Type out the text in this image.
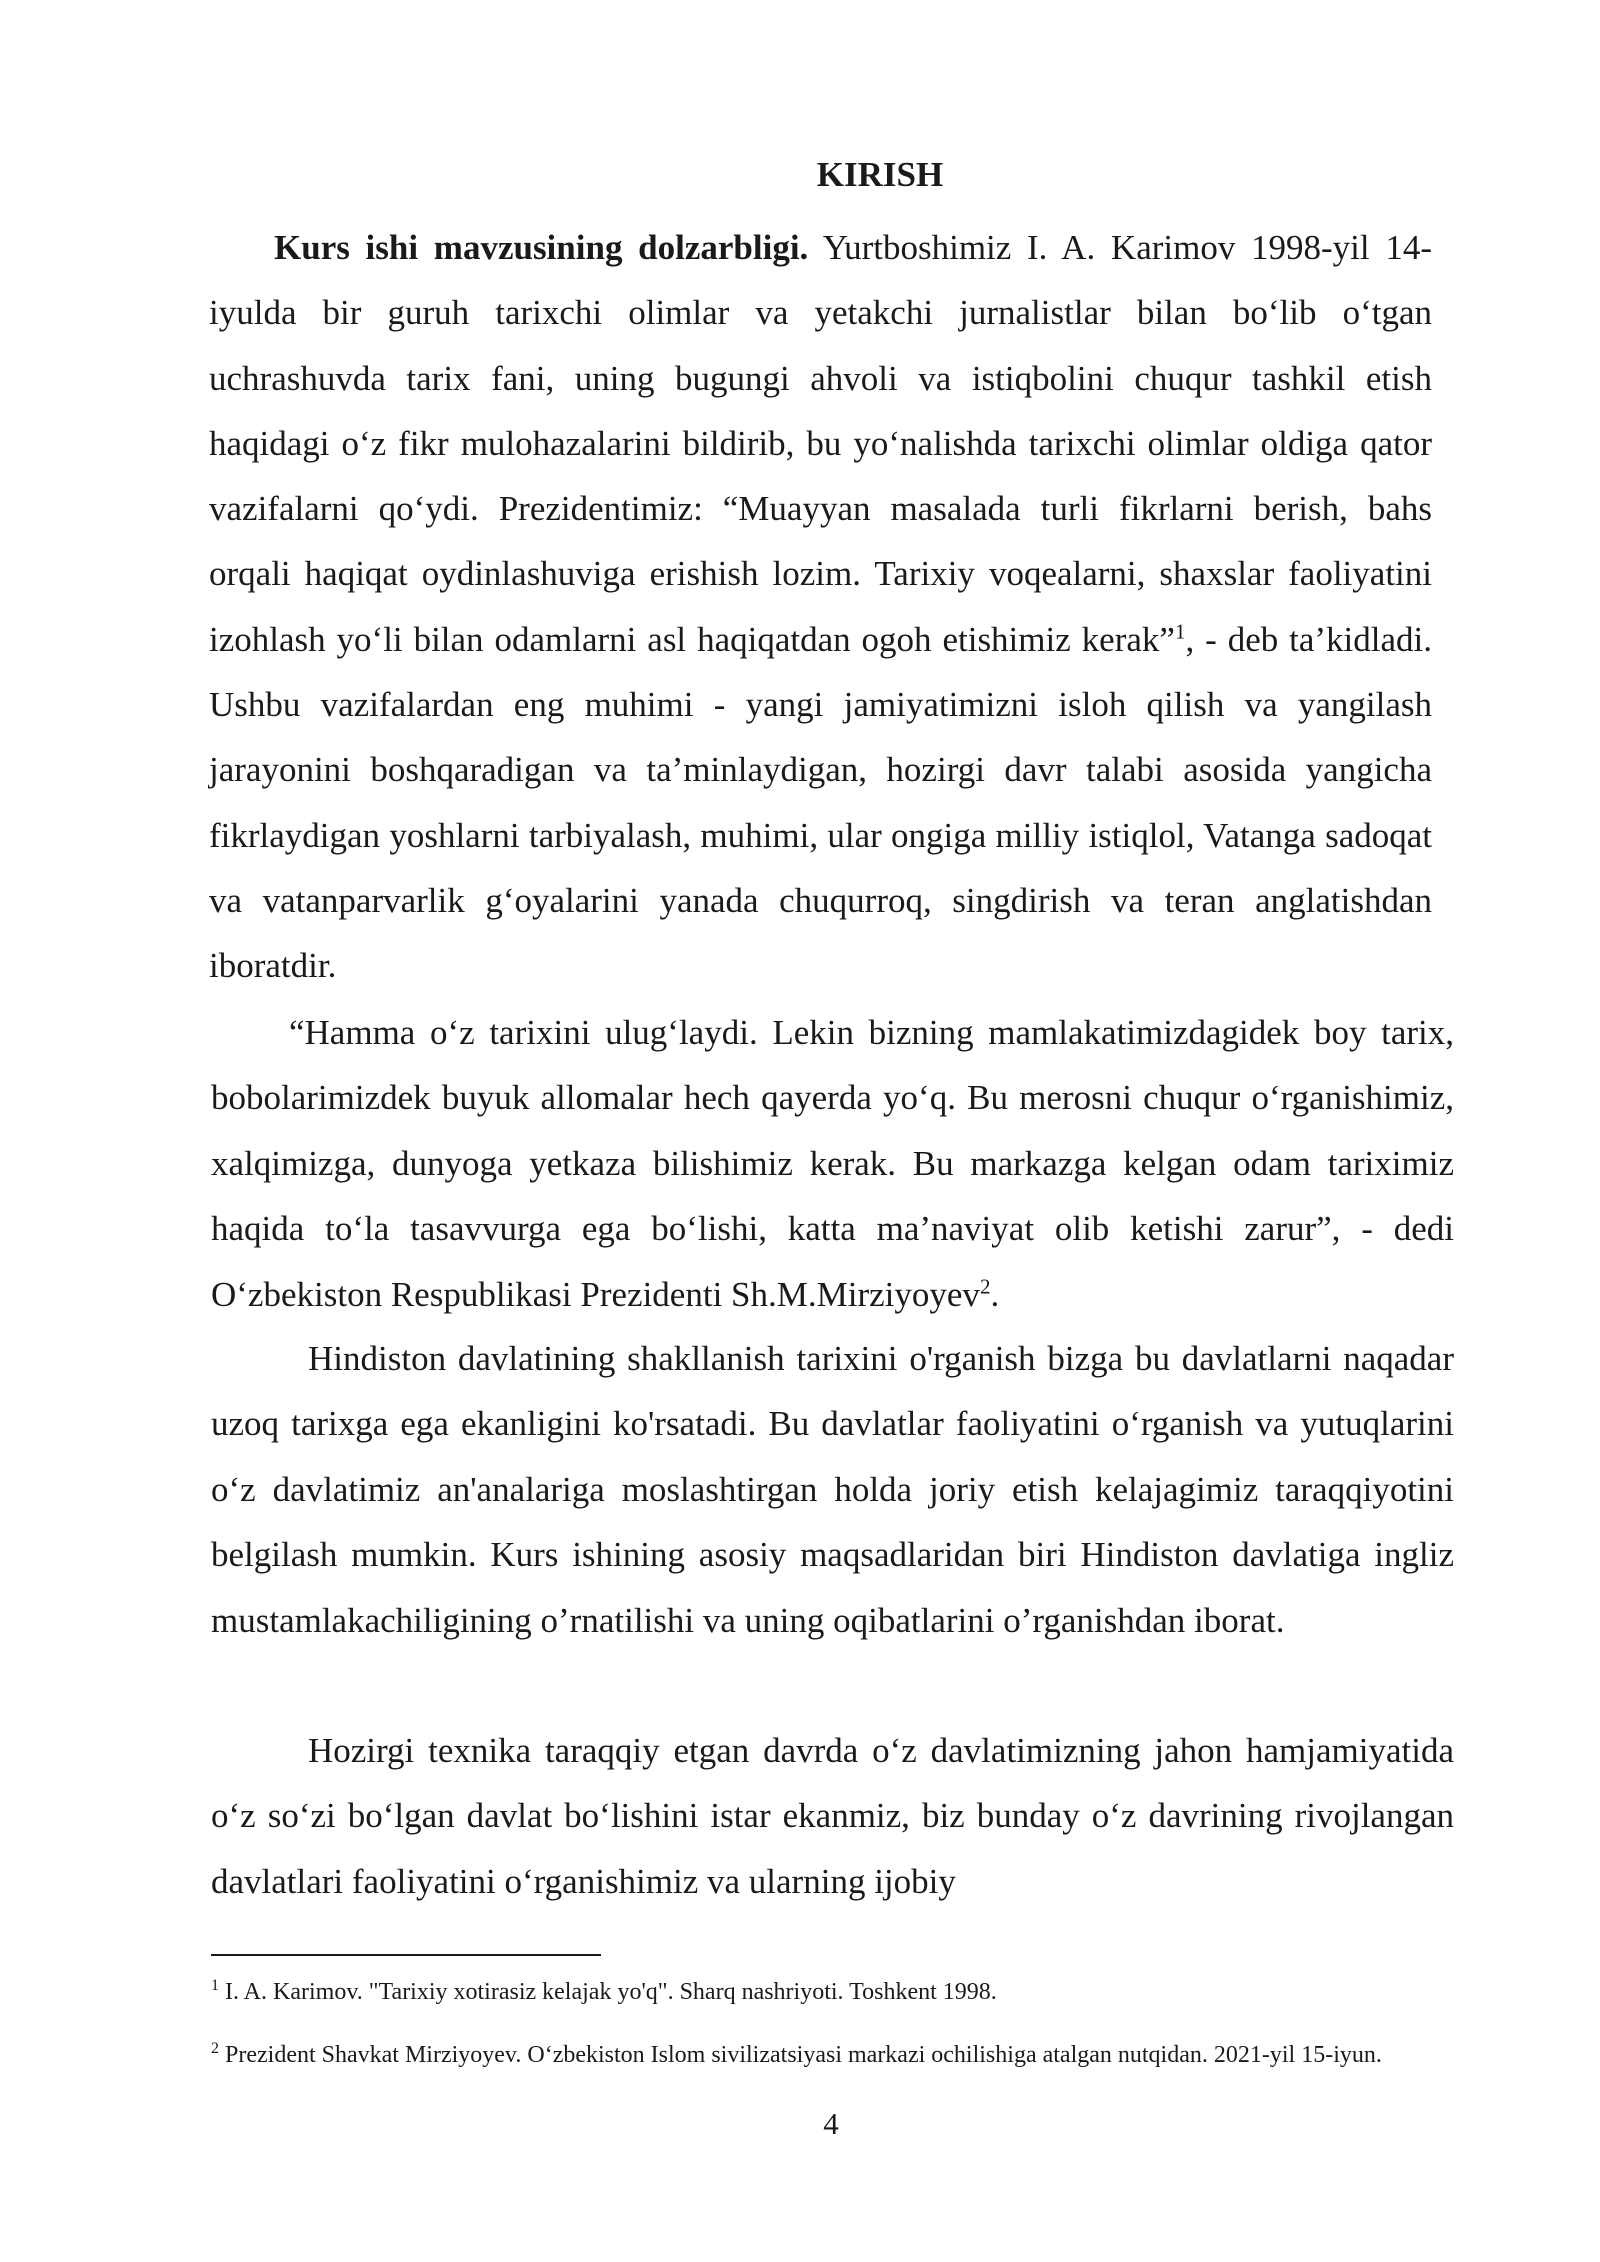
KIRISH

Kurs ishi mavzusining dolzarbligi. Yurtboshimiz I. A. Karimov 1998-yil 14-iyulda bir guruh tarixchi olimlar va yetakchi jurnalistlar bilan bo‘lib o‘tgan uchrashuvda tarix fani, uning bugungi ahvoli va istiqbolini chuqur tashkil etish haqidagi o‘z fikr mulohazalarini bildirib, bu yo‘nalishda tarixchi olimlar oldiga qator vazifalarni qo‘ydi. Prezidentimiz: “Muayyan masalada turli fikrlarni berish, bahs orqali haqiqat oydinlashuviga erishish lozim. Tarixiy voqealarni, shaxslar faoliyatini izohlash yo‘li bilan odamlarni asl haqiqatdan ogoh etishimiz kerak”$^1$, - deb ta’kidladi. Ushbu vazifalardan eng muhimi - yangi jamiyatimizni isloh qilish va yangilash jarayonini boshqaradigan va ta’minlaydigan, hozirgi davr talabi asosida yangicha fikrlaydigan yoshlarni tarbiyalash, muhimi, ular ongiga milliy istiqlol, Vatanga sadoqat va vatanparvarlik g‘oyalarini yanada chuqurroq, singdirish va teran anglatishdan iboratdir.

“Hamma o‘z tarixini ulug‘laydi. Lekin bizning mamlakatimizdagidek boy tarix, bobolarimizdek buyuk allomalar hech qayerda yo‘q. Bu merosni chuqur o‘rganishimiz, xalqimizga, dunyoga yetkaza bilishimiz kerak. Bu markazga kelgan odam tariximiz haqida to‘la tasavvurga ega bo‘lishi, katta ma’naviyat olib ketishi zarur”, - dedi O‘zbekiston Respublikasi Prezidenti Sh.M.Mirziyoyev$^2$.

Hindiston davlatining shakllanish tarixini o'rganish bizga bu davlatlarni naqadar uzoq tarixga ega ekanligini ko'rsatadi. Bu davlatlar faoliyatini o‘rganish va yutuqlarini o‘z davlatimiz an'analariga moslashtirgan holda joriy etish kelajagimiz taraqqiyotini belgilash mumkin. Kurs ishining asosiy maqsadlaridan biri Hindiston davlatiga ingliz mustamlakachiligining o’rnatilishi va uning oqibatlarini o’rganishdan iborat.

Hozirgi texnika taraqqiy etgan davrda o‘z davlatimizning jahon hamjamiyatida o‘z so‘zi bo‘lgan davlat bo‘lishini istar ekanmiz, biz bunday o‘z davrining rivojlangan davlatlari faoliyatini o‘rganishimiz va ularning ijobiy

$^1$ I. A. Karimov. "Tarixiy xotirasiz kelajak yo'q". Sharq nashriyoti. Toshkent 1998.

$^2$ Prezident Shavkat Mirziyoyev. O‘zbekiston Islom sivilizatsiyasi markazi ochilishiga atalgan nutqidan. 2021-yil 15-iyun.

4
